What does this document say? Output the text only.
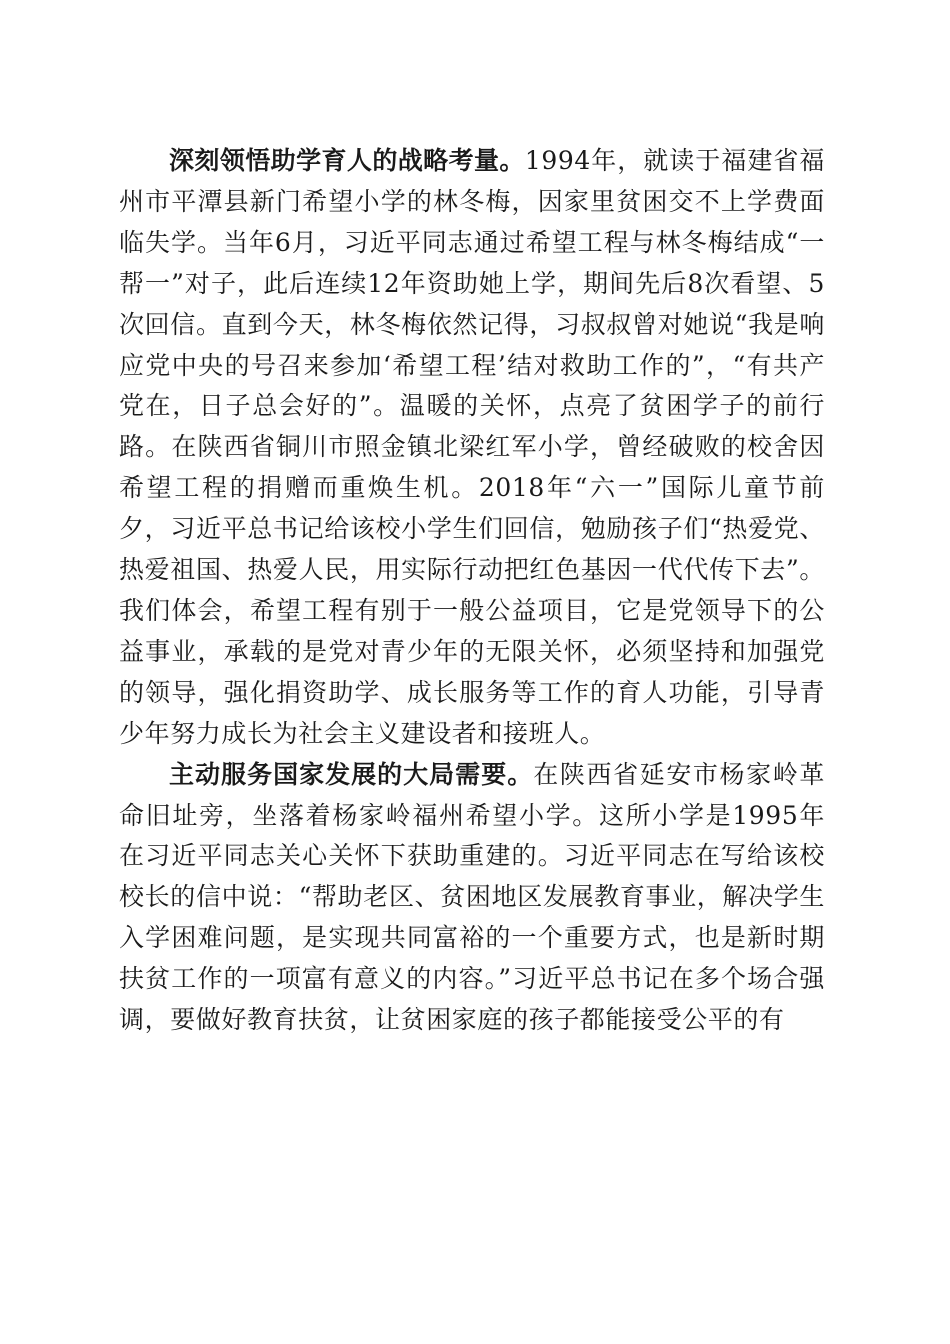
深刻领悟助学育人的战略考量。1994年，就读于福建省福州市平潭县新门希望小学的林冬梅，因家里贫困交不上学费面临失学。当年6月，习近平同志通过希望工程与林冬梅结成“一帮一”对子，此后连续12年资助她上学，期间先后8次看望、5次回信。直到今天，林冬梅依然记得，习叔叔曾对她说“我是响应党中央的号召来参加‘希望工程’结对救助工作的”，“有共产党在，日子总会好的”。温暖的关怀，点亮了贫困学子的前行路。在陕西省铜川市照金镇北梁红军小学，曾经破败的校舍因希望工程的捐赠而重焕生机。2018年“六一”国际儿童节前夕，习近平总书记给该校小学生们回信，勉励孩子们“热爱党、热爱祖国、热爱人民，用实际行动把红色基因一代代传下去”。我们体会，希望工程有别于一般公益项目，它是党领导下的公益事业，承载的是党对青少年的无限关怀，必须坚持和加强党的领导，强化捐资助学、成长服务等工作的育人功能，引导青少年努力成长为社会主义建设者和接班人。

主动服务国家发展的大局需要。在陕西省延安市杨家岭革命旧址旁，坐落着杨家岭福州希望小学。这所小学是1995年在习近平同志关心关怀下获助重建的。习近平同志在写给该校校长的信中说：“帮助老区、贫困地区发展教育事业，解决学生入学困难问题，是实现共同富裕的一个重要方式，也是新时期扶贫工作的一项富有意义的内容。”习近平总书记在多个场合强调，要做好教育扶贫，让贫困家庭的孩子都能接受公平的有
